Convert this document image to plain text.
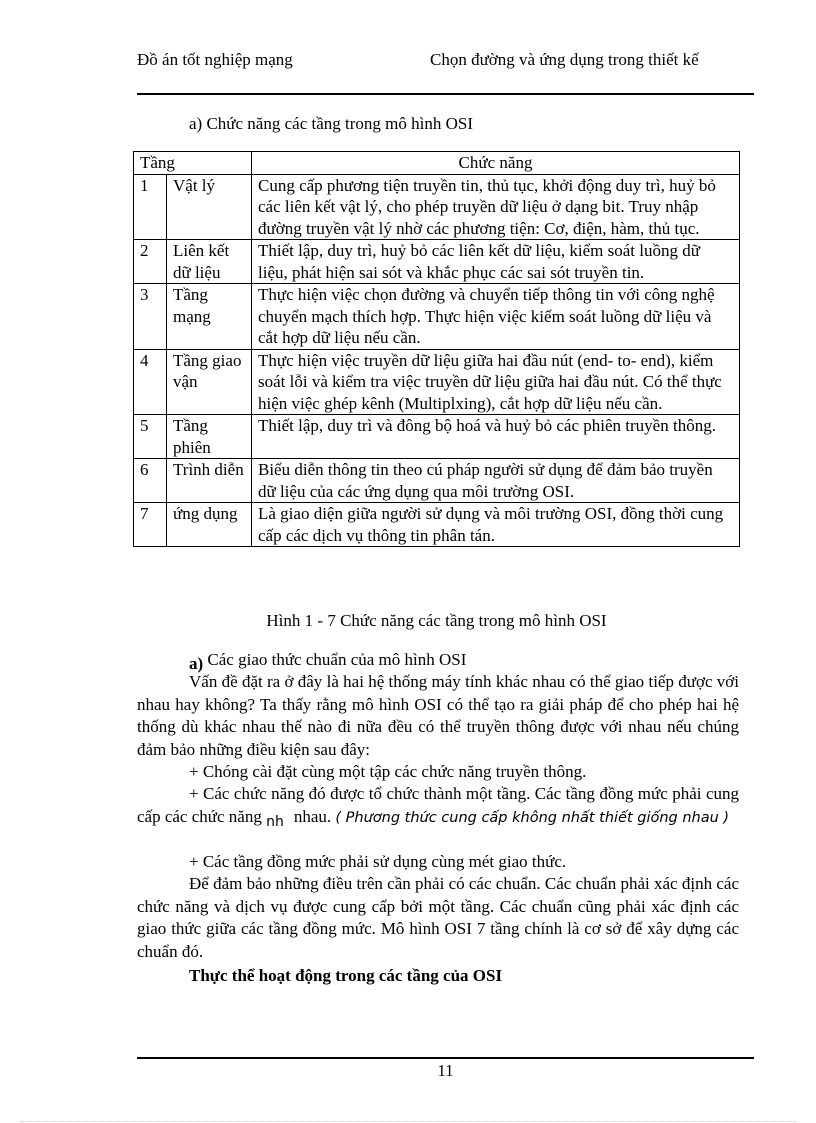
Đồ án tốt nghiệp mạng	Chọn đường và ứng dụng trong thiết kế
a) Chức năng các tầng trong mô hình OSI
Tầng		Chức năng
1	Vật lý	Cung cấp phương tiện truyền tin, thủ tục, khởi động duy trì, huỷ bỏ các liên kết vật lý, cho phép truyền dữ liệu ở dạng bit. Truy nhập đường truyền vật lý nhờ các phương tiện: Cơ, điện, hàm, thủ tục.
2	Liên kết dữ liệu	Thiết lập, duy trì, huỷ bỏ các liên kết dữ liệu, kiểm soát luồng dữ liệu, phát hiện sai sót và khắc phục các sai sót truyền tin.
3	Tầng mạng	Thực hiện việc chọn đường và chuyển tiếp thông tin với công nghệ chuyển mạch thích hợp. Thực hiện việc kiểm soát luồng dữ liệu và cắt hợp dữ liệu nếu cần.
4	Tầng giao vận	Thực hiện việc truyền dữ liệu giữa hai đầu nút (end- to- end), kiểm soát lỗi và kiểm tra việc truyền dữ liệu giữa hai đầu nút. Có thể thực hiện việc ghép kênh (Multiplxing), cắt hợp dữ liệu nếu cần.
5	Tầng phiên	Thiết lập, duy trì và đông bộ hoá và huỷ bỏ các phiên truyền thông.
6	Trình diễn	Biểu diễn thông tin theo cú pháp người sử dụng để đảm bảo truyền dữ liệu của các ứng dụng qua môi trường OSI.
7	ứng dụng	Là giao diện giữa người sử dụng và môi trường OSI, đồng thời cung cấp các dịch vụ thông tin phân tán.
Hình 1 - 7 Chức năng các tầng trong mô hình OSI
a) Các giao thức chuẩn của mô hình OSI
Vấn đề đặt ra ở đây là hai hệ thống máy tính khác nhau có thể giao tiếp được với nhau hay không? Ta thấy rằng mô hình OSI có thể tạo ra giải pháp để cho phép hai hệ thống dù khác nhau thế nào đi nữa đều có thể truyền thông được với nhau nếu chúng đảm bảo những điều kiện sau đây:
+ Chóng cài đặt cùng một tập các chức năng truyền thông.
+ Các chức năng đó được tổ chức thành một tầng. Các tầng đồng mức phải cung cấp các chức năng $_{nh}$ nhau. ( Phương thức cung cấp không nhất thiết giống nhau )
+ Các tầng đồng mức phải sử dụng cùng mét giao thức.
Để đảm bảo những điều trên cần phải có các chuẩn. Các chuẩn phải xác định các chức năng và dịch vụ được cung cấp bởi một tầng. Các chuẩn cũng phải xác định các giao thức giữa các tầng đồng mức. Mô hình OSI 7 tầng chính là cơ sở để xây dựng các chuẩn đó.
Thực thể hoạt động trong các tầng của OSI
11
